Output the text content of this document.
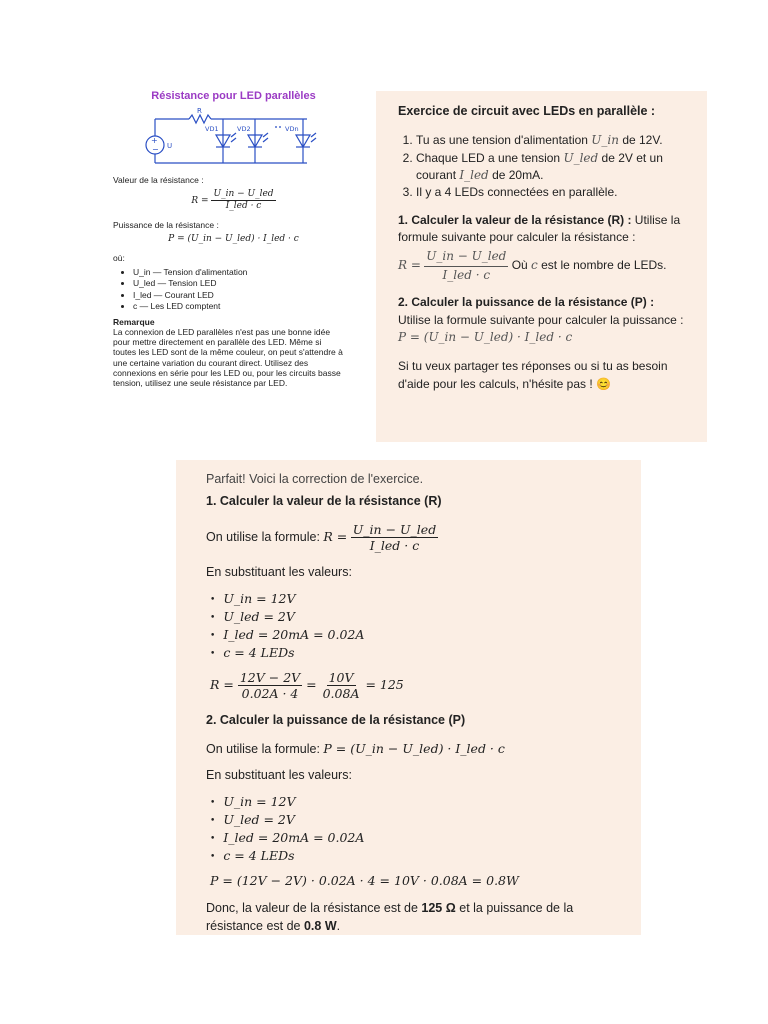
Résistance pour LED parallèles
+
−
R
U
VD1	VD2	VDn
Valeur de la résistance :
$R = \frac{\text{U\_in − U\_led}}{\text{I\_led · c}}$
Puissance de la résistance :
P = (U_in − U_led) · I_led · c
où:
• U_in — Tension d'alimentation
• U_led — Tension LED
• I_led — Courant LED
• c — Les LED comptent
Remarque
La connexion de LED parallèles n'est pas une bonne idée pour mettre directement en parallèle des LED. Même si toutes les LED sont de la même couleur, on peut s'attendre à une certaine variation du courant direct. Utilisez des connexions en série pour les LED ou, pour les circuits basse tension, utilisez une seule résistance par LED.
Exercice de circuit avec LEDs en parallèle :
1. Tu as une tension d'alimentation U_in de 12V.
2. Chaque LED a une tension U_led de 2V et un courant I_led de 20mA.
3. Il y a 4 LEDs connectées en parallèle.
1. Calculer la valeur de la résistance (R) : Utilise la formule suivante pour calculer la résistance :
$R = \frac{\text{U\_in − U\_led}}{\text{I\_led · c}}$ Où c est le nombre de LEDs.
2. Calculer la puissance de la résistance (P) :
Utilise la formule suivante pour calculer la puissance : P = (U_in − U_led) · I_led · c
Si tu veux partager tes réponses ou si tu as besoin d'aide pour les calculs, n'hésite pas ! 😊
Parfait! Voici la correction de l'exercice.
1. Calculer la valeur de la résistance (R)
On utilise la formule: $R = \frac{\text{U\_in − U\_led}}{\text{I\_led · c}}$
En substituant les valeurs:
• U_in = 12V
• U_led = 2V
• I_led = 20mA = 0.02A
• c = 4 LEDs
$R = \frac{12V - 2V}{0.02A \cdot 4} = \frac{10V}{0.08A} = 125$
2. Calculer la puissance de la résistance (P)
On utilise la formule: P = (U_in − U_led) · I_led · c
En substituant les valeurs:
• U_in = 12V
• U_led = 2V
• I_led = 20mA = 0.02A
• c = 4 LEDs
P = (12V − 2V) · 0.02A · 4 = 10V · 0.08A = 0.8W
Donc, la valeur de la résistance est de 125 Ω et la puissance de la résistance est de 0.8 W.
